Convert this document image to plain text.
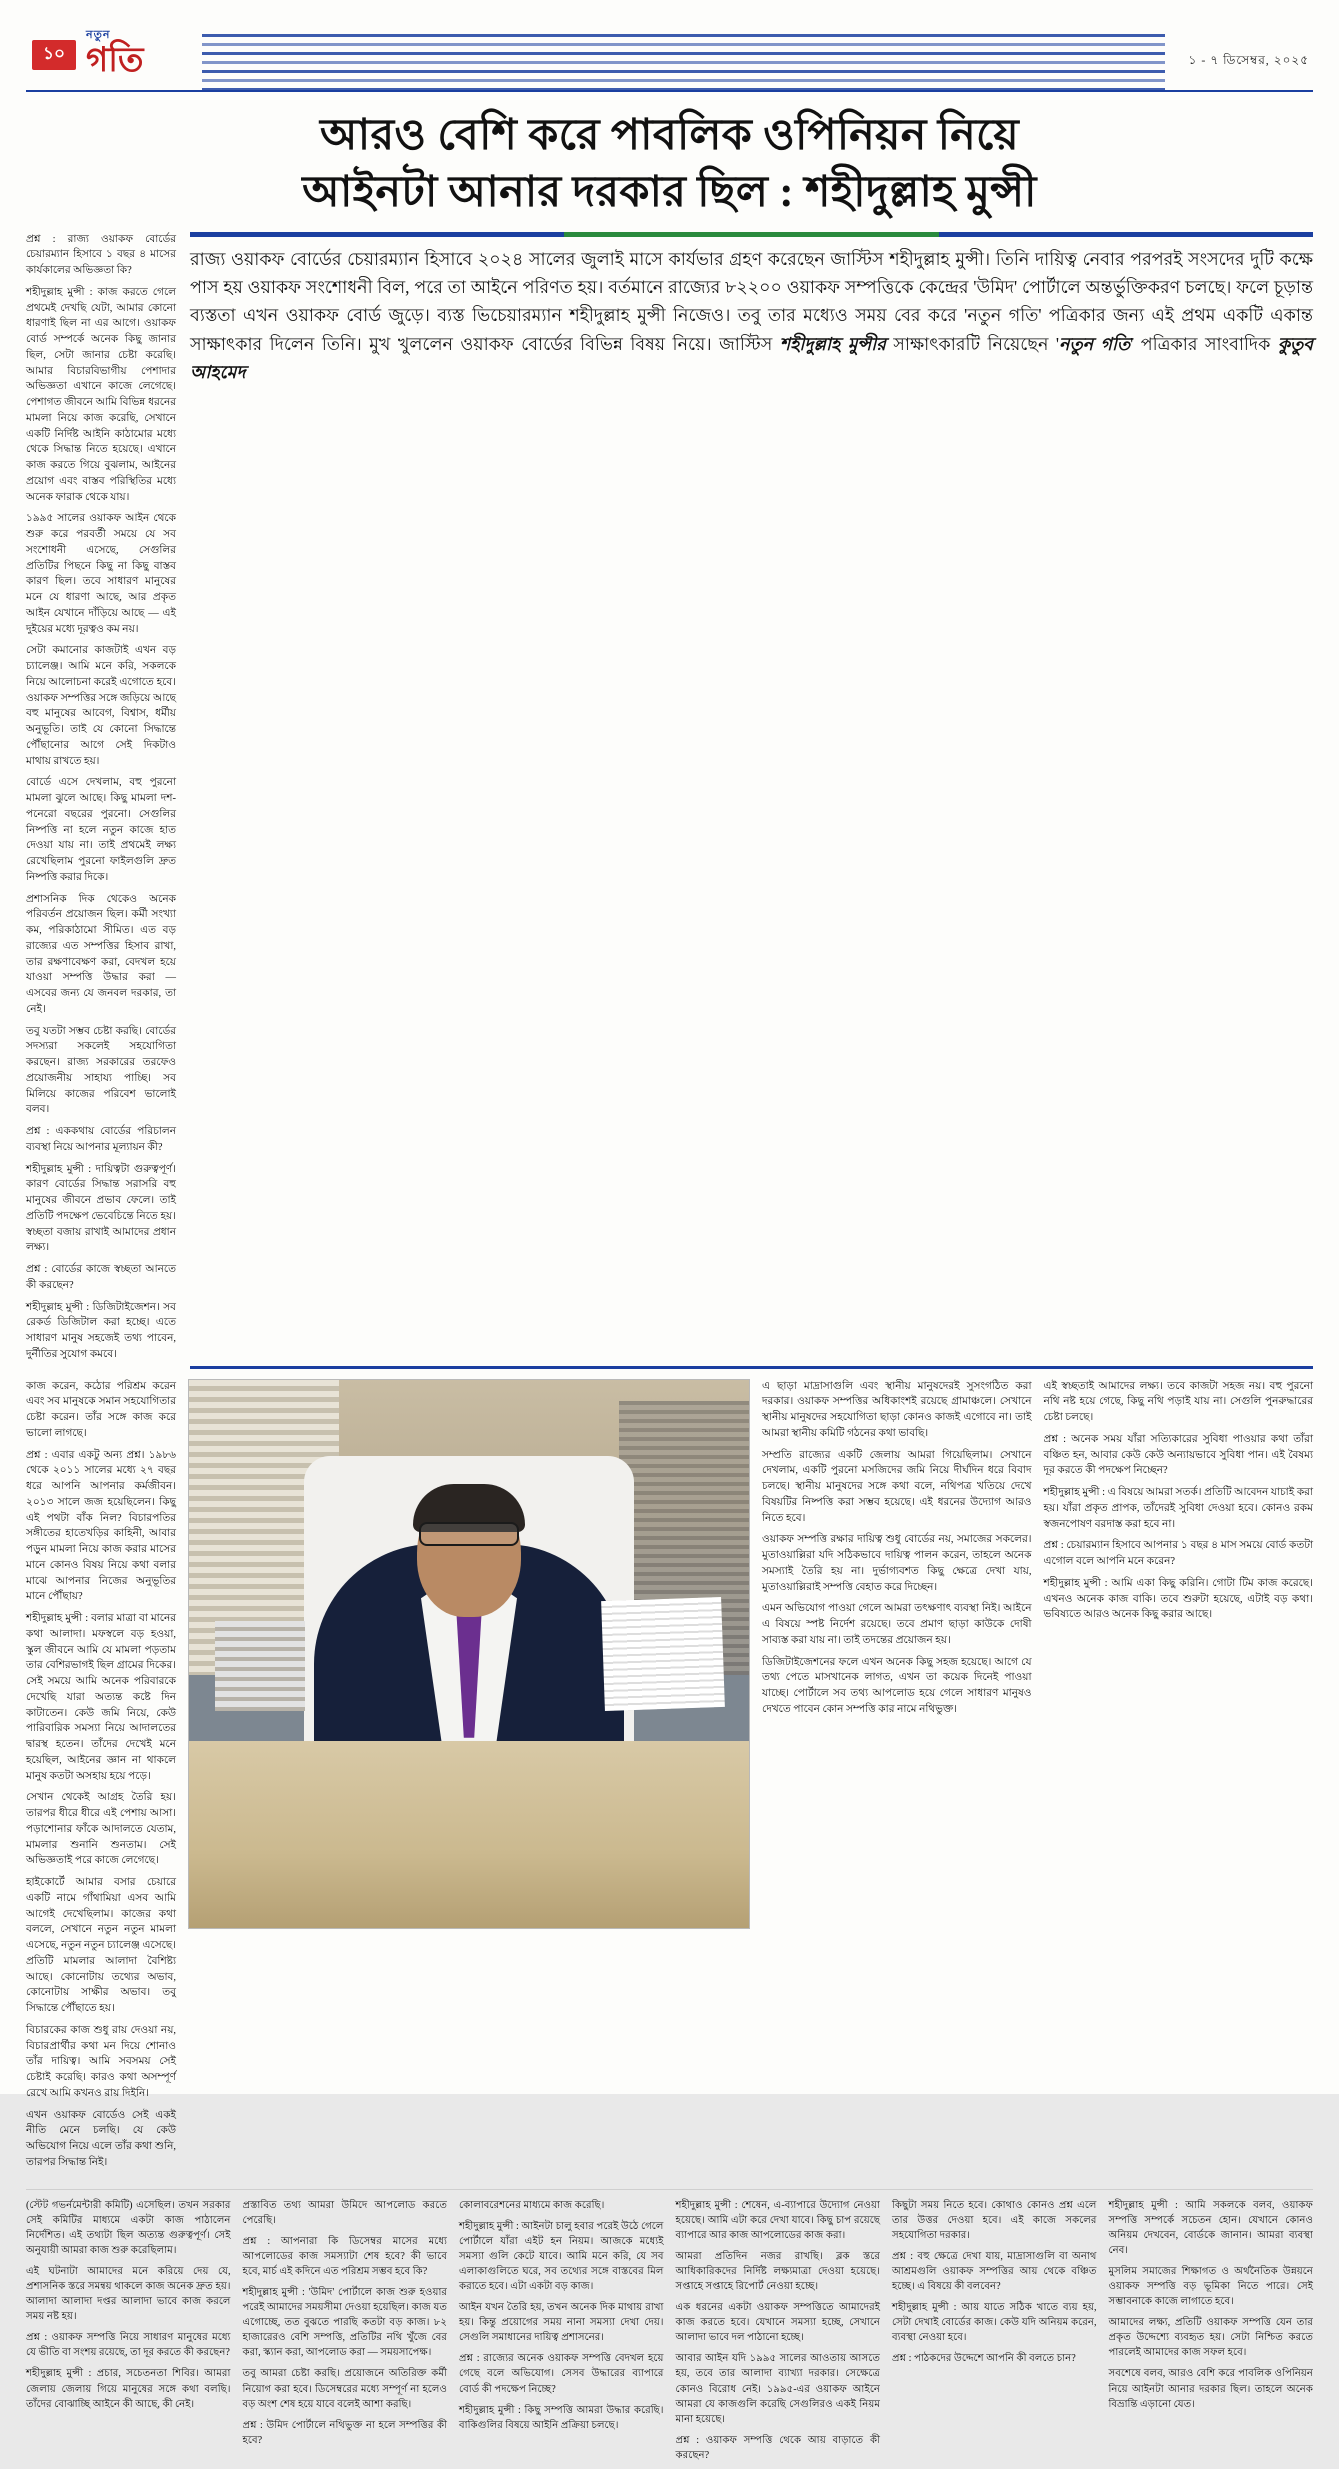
১০
নতুন
গতি	১ - ৭ ডিসেম্বর, ২০২৫
আরও বেশি করে পাবলিক ওপিনিয়ন নিয়ে
আইনটা আনার দরকার ছিল : শহীদুল্লাহ মুন্সী

প্রশ্ন : রাজ্য ওয়াকফ বোর্ডের চেয়ারম্যান হিসাবে ১ বছর ৪ মাসের কার্যকালের অভিজ্ঞতা কি?

শহীদুল্লাহ মুন্সী : কাজ করতে গেলে প্রথমেই দেখছি যেটা, আমার কোনো ধারণাই ছিল না এর আগে। ওয়াকফ বোর্ড সম্পর্কে অনেক কিছু জানার ছিল, সেটা জানার চেষ্টা করেছি। আমার বিচারবিভাগীয় পেশাদার অভিজ্ঞতা এখানে কাজে লেগেছে। পেশাগত জীবনে আমি বিভিন্ন ধরনের মামলা নিয়ে কাজ করেছি, সেখানে একটি নির্দিষ্ট আইনি কাঠামোর মধ্যে থেকে সিদ্ধান্ত নিতে হয়েছে। এখানে কাজ করতে গিয়ে বুঝলাম, আইনের প্রয়োগ এবং বাস্তব পরিস্থিতির মধ্যে অনেক ফারাক থেকে যায়।

১৯৯৫ সালের ওয়াকফ আইন থেকে শুরু করে পরবর্তী সময়ে যে সব সংশোধনী এসেছে, সেগুলির প্রতিটির পিছনে কিছু না কিছু বাস্তব কারণ ছিল। তবে সাধারণ মানুষের মনে যে ধারণা আছে, আর প্রকৃত আইন যেখানে দাঁড়িয়ে আছে — এই দুইয়ের মধ্যে দূরত্বও কম নয়।

সেটা কমানোর কাজটাই এখন বড় চ্যালেঞ্জ। আমি মনে করি, সকলকে নিয়ে আলোচনা করেই এগোতে হবে। ওয়াকফ সম্পত্তির সঙ্গে জড়িয়ে আছে বহু মানুষের আবেগ, বিশ্বাস, ধর্মীয় অনুভূতি। তাই যে কোনো সিদ্ধান্তে পৌঁছানোর আগে সেই দিকটাও মাথায় রাখতে হয়।

বোর্ডে এসে দেখলাম, বহু পুরনো মামলা ঝুলে আছে। কিছু মামলা দশ-পনেরো বছরের পুরনো। সেগুলির নিষ্পত্তি না হলে নতুন কাজে হাত দেওয়া যায় না। তাই প্রথমেই লক্ষ্য রেখেছিলাম পুরনো ফাইলগুলি দ্রুত নিষ্পত্তি করার দিকে।

প্রশাসনিক দিক থেকেও অনেক পরিবর্তন প্রয়োজন ছিল। কর্মী সংখ্যা কম, পরিকাঠামো সীমিত। এত বড় রাজ্যের এত সম্পত্তির হিসাব রাখা, তার রক্ষণাবেক্ষণ করা, বেদখল হয়ে যাওয়া সম্পত্তি উদ্ধার করা — এসবের জন্য যে জনবল দরকার, তা নেই।

তবু যতটা সম্ভব চেষ্টা করছি। বোর্ডের সদস্যরা সকলেই সহযোগিতা করছেন। রাজ্য সরকারের তরফেও প্রয়োজনীয় সাহায্য পাচ্ছি। সব মিলিয়ে কাজের পরিবেশ ভালোই বলব।

প্রশ্ন : এককথায় বোর্ডের পরিচালন ব্যবস্থা নিয়ে আপনার মূল্যায়ন কী?

শহীদুল্লাহ মুন্সী : দায়িত্বটা গুরুত্বপূর্ণ। কারণ বোর্ডের সিদ্ধান্ত সরাসরি বহু মানুষের জীবনে প্রভাব ফেলে। তাই প্রতিটি পদক্ষেপ ভেবেচিন্তে নিতে হয়। স্বচ্ছতা বজায় রাখাই আমাদের প্রধান লক্ষ্য।

প্রশ্ন : বোর্ডের কাজে স্বচ্ছতা আনতে কী করছেন?

শহীদুল্লাহ মুন্সী : ডিজিটাইজেশন। সব রেকর্ড ডিজিটাল করা হচ্ছে। এতে সাধারণ মানুষ সহজেই তথ্য পাবেন, দুর্নীতির সুযোগ কমবে।

রাজ্য ওয়াকফ বোর্ডের চেয়ারম্যান হিসাবে ২০২৪ সালের জুলাই মাসে কার্যভার গ্রহণ করেছেন জাস্টিস শহীদুল্লাহ মুন্সী। তিনি দায়িত্ব নেবার পরপরই সংসদের দুটি কক্ষে পাস হয় ওয়াকফ সংশোধনী বিল, পরে তা আইনে পরিণত হয়। বর্তমানে রাজ্যের ৮২২০০ ওয়াকফ সম্পত্তিকে কেন্দ্রের 'উমিদ' পোর্টালে অন্তর্ভুক্তিকরণ চলছে। ফলে চূড়ান্ত ব্যস্ততা এখন ওয়াকফ বোর্ড জুড়ে। ব্যস্ত ভিচেয়ারম্যান শহীদুল্লাহ মুন্সী নিজেও। তবু তার মধ্যেও সময় বের করে 'নতুন গতি' পত্রিকার জন্য এই প্রথম একটি একান্ত সাক্ষাৎকার দিলেন তিনি। মুখ খুললেন ওয়াকফ বোর্ডের বিভিন্ন বিষয় নিয়ে। জাস্টিস শহীদুল্লাহ মুন্সীর সাক্ষাৎকারটি নিয়েছেন 'নতুন গতি' পত্রিকার সাংবাদিক কুতুব আহমেদ

কাজ করেন, কঠোর পরিশ্রম করেন এবং সব মানুষকে সমান সহযোগিতার চেষ্টা করেন। তাঁর সঙ্গে কাজ করে ভালো লাগছে।

প্রশ্ন : এবার একটু অন্য প্রশ্ন। ১৯৮৬ থেকে ২০১১ সালের মধ্যে ২৭ বছর ধরে আপনি আপনার কর্মজীবন। ২০১৩ সালে জজ হয়েছিলেন। কিছু এই পথটা বাঁক নিল? বিচারপতির সঙ্গীতের হাতেখড়ির কাহিনী, আবার পড়ুন মামলা নিয়ে কাজ করার মাসের মানে কোনও বিষয় নিয়ে কথা বলার মাঝে আপনার নিজের অনুভূতির মানে পৌঁছায়?

শহীদুল্লাহ মুন্সী : বলার মাত্রা বা মানের কথা আলাদা। মফস্বলে বড় হওয়া, স্কুল জীবনে আমি যে মামলা পড়তাম তার বেশিরভাগই ছিল গ্রামের দিকের। সেই সময়ে আমি অনেক পরিবারকে দেখেছি যারা অত্যন্ত কষ্টে দিন কাটাতেন। কেউ জমি নিয়ে, কেউ পারিবারিক সমস্যা নিয়ে আদালতের দ্বারস্থ হতেন। তাঁদের দেখেই মনে হয়েছিল, আইনের জ্ঞান না থাকলে মানুষ কতটা অসহায় হয়ে পড়ে।

সেখান থেকেই আগ্রহ তৈরি হয়। তারপর ধীরে ধীরে এই পেশায় আসা। পড়াশোনার ফাঁকে আদালতে যেতাম, মামলার শুনানি শুনতাম। সেই অভিজ্ঞতাই পরে কাজে লেগেছে।

হাইকোর্টে আমার বসার চেয়ারে একটি নামে গাঁথামিয়া এসব আমি আগেই দেখেছিলাম। কাজের কথা বললে, সেখানে নতুন নতুন মামলা এসেছে, নতুন নতুন চ্যালেঞ্জ এসেছে। প্রতিটি মামলার আলাদা বৈশিষ্ট্য আছে। কোনোটায় তথ্যের অভাব, কোনোটায় সাক্ষীর অভাব। তবু সিদ্ধান্তে পৌঁছাতে হয়।

বিচারকের কাজ শুধু রায় দেওয়া নয়, বিচারপ্রার্থীর কথা মন দিয়ে শোনাও তাঁর দায়িত্ব। আমি সবসময় সেই চেষ্টাই করেছি। কারও কথা অসম্পূর্ণ রেখে আমি কখনও রায় দিইনি।

এখন ওয়াকফ বোর্ডেও সেই একই নীতি মেনে চলছি। যে কেউ অভিযোগ নিয়ে এলে তাঁর কথা শুনি, তারপর সিদ্ধান্ত নিই।

এ ছাড়া মাদ্রাসাগুলি এবং স্থানীয় মানুষদেরই সুসংগঠিত করা দরকার। ওয়াকফ সম্পত্তির অধিকাংশই রয়েছে গ্রামাঞ্চলে। সেখানে স্থানীয় মানুষদের সহযোগিতা ছাড়া কোনও কাজই এগোবে না। তাই আমরা স্থানীয় কমিটি গঠনের কথা ভাবছি।

সম্প্রতি রাজ্যের একটি জেলায় আমরা গিয়েছিলাম। সেখানে দেখলাম, একটি পুরনো মসজিদের জমি নিয়ে দীর্ঘদিন ধরে বিবাদ চলছে। স্থানীয় মানুষদের সঙ্গে কথা বলে, নথিপত্র খতিয়ে দেখে বিষয়টির নিষ্পত্তি করা সম্ভব হয়েছে। এই ধরনের উদ্যোগ আরও নিতে হবে।

ওয়াকফ সম্পত্তি রক্ষার দায়িত্ব শুধু বোর্ডের নয়, সমাজের সকলের। মুতাওয়াল্লিরা যদি সঠিকভাবে দায়িত্ব পালন করেন, তাহলে অনেক সমস্যাই তৈরি হয় না। দুর্ভাগ্যবশত কিছু ক্ষেত্রে দেখা যায়, মুতাওয়াল্লিরাই সম্পত্তি বেহাত করে দিচ্ছেন।

এমন অভিযোগ পাওয়া গেলে আমরা তৎক্ষণাৎ ব্যবস্থা নিই। আইনে এ বিষয়ে স্পষ্ট নির্দেশ রয়েছে। তবে প্রমাণ ছাড়া কাউকে দোষী সাব্যস্ত করা যায় না। তাই তদন্তের প্রয়োজন হয়।

ডিজিটাইজেশনের ফলে এখন অনেক কিছু সহজ হয়েছে। আগে যে তথ্য পেতে মাসখানেক লাগত, এখন তা কয়েক দিনেই পাওয়া যাচ্ছে। পোর্টালে সব তথ্য আপলোড হয়ে গেলে সাধারণ মানুষও দেখতে পাবেন কোন সম্পত্তি কার নামে নথিভুক্ত।

এই স্বচ্ছতাই আমাদের লক্ষ্য। তবে কাজটা সহজ নয়। বহু পুরনো নথি নষ্ট হয়ে গেছে, কিছু নথি পড়াই যায় না। সেগুলি পুনরুদ্ধারের চেষ্টা চলছে।

প্রশ্ন : অনেক সময় যাঁরা সত্যিকারের সুবিধা পাওয়ার কথা তাঁরা বঞ্চিত হন, আবার কেউ কেউ অন্যায়ভাবে সুবিধা পান। এই বৈষম্য দূর করতে কী পদক্ষেপ নিচ্ছেন?

শহীদুল্লাহ মুন্সী : এ বিষয়ে আমরা সতর্ক। প্রতিটি আবেদন যাচাই করা হয়। যাঁরা প্রকৃত প্রাপক, তাঁদেরই সুবিধা দেওয়া হবে। কোনও রকম স্বজনপোষণ বরদাস্ত করা হবে না।

প্রশ্ন : চেয়ারম্যান হিসাবে আপনার ১ বছর ৪ মাস সময়ে বোর্ড কতটা এগোল বলে আপনি মনে করেন?

শহীদুল্লাহ মুন্সী : আমি একা কিছু করিনি। গোটা টিম কাজ করেছে। এখনও অনেক কাজ বাকি। তবে শুরুটা হয়েছে, এটাই বড় কথা। ভবিষ্যতে আরও অনেক কিছু করার আছে।

(স্টেট গভর্নমেন্টারী কমিটি) এসেছিল। তখন সরকার সেই কমিটির মাধ্যমে একটা কাজ পাঠালেন নির্দেশিত। এই তথ্যটা ছিল অত্যন্ত গুরুত্বপূর্ণ। সেই অনুযায়ী আমরা কাজ শুরু করেছিলাম।

এই ঘটনাটা আমাদের মনে করিয়ে দেয় যে, প্রশাসনিক স্তরে সমন্বয় থাকলে কাজ অনেক দ্রুত হয়। আলাদা আলাদা দপ্তর আলাদা ভাবে কাজ করলে সময় নষ্ট হয়।

প্রশ্ন : ওয়াকফ সম্পত্তি নিয়ে সাধারণ মানুষের মধ্যে যে ভীতি বা সংশয় রয়েছে, তা দূর করতে কী করছেন?

শহীদুল্লাহ মুন্সী : প্রচার, সচেতনতা শিবির। আমরা জেলায় জেলায় গিয়ে মানুষের সঙ্গে কথা বলছি। তাঁদের বোঝাচ্ছি আইনে কী আছে, কী নেই।

প্রস্তাবিত তথ্য আমরা উমিদে আপলোড করতে পেরেছি।

প্রশ্ন : আপনারা কি ডিসেম্বর মাসের মধ্যে আপলোডের কাজ সমস্যাটা শেষ হবে? কী ভাবে হবে, মার্চ এই কদিনে এত পরিশ্রম সম্ভব হবে কি?

শহীদুল্লাহ মুন্সী : 'উমিদ' পোর্টালে কাজ শুরু হওয়ার পরেই আমাদের সময়সীমা দেওয়া হয়েছিল। কাজ যত এগোচ্ছে, তত বুঝতে পারছি কতটা বড় কাজ। ৮২ হাজারেরও বেশি সম্পত্তি, প্রতিটির নথি খুঁজে বের করা, স্ক্যান করা, আপলোড করা — সময়সাপেক্ষ।

তবু আমরা চেষ্টা করছি। প্রয়োজনে অতিরিক্ত কর্মী নিয়োগ করা হবে। ডিসেম্বরের মধ্যে সম্পূর্ণ না হলেও বড় অংশ শেষ হয়ে যাবে বলেই আশা করছি।

প্রশ্ন : উমিদ পোর্টালে নথিভুক্ত না হলে সম্পত্তির কী হবে?

কোলাবরেশনের মাধ্যমে কাজ করেছি।

শহীদুল্লাহ মুন্সী : আইনটা চালু হবার পরেই উঠে গেলে পোর্টালে যাঁরা এইট হন নিয়ম। আজকে মধ্যেই সমস্যা গুলি কেটে যাবে। আমি মনে করি, যে সব এলাকাগুলিতে ঘরে, সব তথ্যের সঙ্গে বাস্তবের মিল করাতে হবে। এটা একটা বড় কাজ।

আইন যখন তৈরি হয়, তখন অনেক দিক মাথায় রাখা হয়। কিন্তু প্রয়োগের সময় নানা সমস্যা দেখা দেয়। সেগুলি সমাধানের দায়িত্ব প্রশাসনের।

প্রশ্ন : রাজ্যের অনেক ওয়াকফ সম্পত্তি বেদখল হয়ে গেছে বলে অভিযোগ। সেসব উদ্ধারের ব্যাপারে বোর্ড কী পদক্ষেপ নিচ্ছে?

শহীদুল্লাহ মুন্সী : কিছু সম্পত্তি আমরা উদ্ধার করেছি। বাকিগুলির বিষয়ে আইনি প্রক্রিয়া চলছে।

শহীদুল্লাহ মুন্সী : শেষেন, এ-ব্যাপারে উদ্যোগ নেওয়া হয়েছে। আমি এটা করে দেখা যাবে। কিছু চাপ রয়েছে ব্যাপারে আর কাজ আপলোডের কাজ করা।

আমরা প্রতিদিন নজর রাখছি। ব্লক স্তরে আধিকারিকদের নির্দিষ্ট লক্ষ্যমাত্রা দেওয়া হয়েছে। সপ্তাহে সপ্তাহে রিপোর্ট নেওয়া হচ্ছে।

এক ধরনের একটা ওয়াকফ সম্পত্তিতে আমাদেরই কাজ করতে হবে। যেখানে সমস্যা হচ্ছে, সেখানে আলাদা ভাবে দল পাঠানো হচ্ছে।

আবার আইন যদি ১৯৯৫ সালের আওতায় আসতে হয়, তবে তার আলাদা ব্যাখ্যা দরকার। সেক্ষেত্রে কোনও বিরোধ নেই। ১৯৯৫-এর ওয়াকফ আইনে আমরা যে কাজগুলি করেছি সেগুলিরও একই নিয়ম মানা হয়েছে।

প্রশ্ন : ওয়াকফ সম্পত্তি থেকে আয় বাড়াতে কী করছেন?

কিছুটা সময় নিতে হবে। কোথাও কোনও প্রশ্ন এলে তার উত্তর দেওয়া হবে। এই কাজে সকলের সহযোগিতা দরকার।

প্রশ্ন : বহু ক্ষেত্রে দেখা যায়, মাদ্রাসাগুলি বা অনাথ আশ্রমগুলি ওয়াকফ সম্পত্তির আয় থেকে বঞ্চিত হচ্ছে। এ বিষয়ে কী বলবেন?

শহীদুল্লাহ মুন্সী : আয় যাতে সঠিক খাতে ব্যয় হয়, সেটা দেখাই বোর্ডের কাজ। কেউ যদি অনিয়ম করেন, ব্যবস্থা নেওয়া হবে।

প্রশ্ন : পাঠকদের উদ্দেশে আপনি কী বলতে চান?

শহীদুল্লাহ মুন্সী : আমি সকলকে বলব, ওয়াকফ সম্পত্তি সম্পর্কে সচেতন হোন। যেখানে কোনও অনিয়ম দেখবেন, বোর্ডকে জানান। আমরা ব্যবস্থা নেব।

মুসলিম সমাজের শিক্ষাগত ও অর্থনৈতিক উন্নয়নে ওয়াকফ সম্পত্তি বড় ভূমিকা নিতে পারে। সেই সম্ভাবনাকে কাজে লাগাতে হবে।

আমাদের লক্ষ্য, প্রতিটি ওয়াকফ সম্পত্তি যেন তার প্রকৃত উদ্দেশ্যে ব্যবহৃত হয়। সেটা নিশ্চিত করতে পারলেই আমাদের কাজ সফল হবে।

সবশেষে বলব, আরও বেশি করে পাবলিক ওপিনিয়ন নিয়ে আইনটা আনার দরকার ছিল। তাহলে অনেক বিভ্রান্তি এড়ানো যেত।
